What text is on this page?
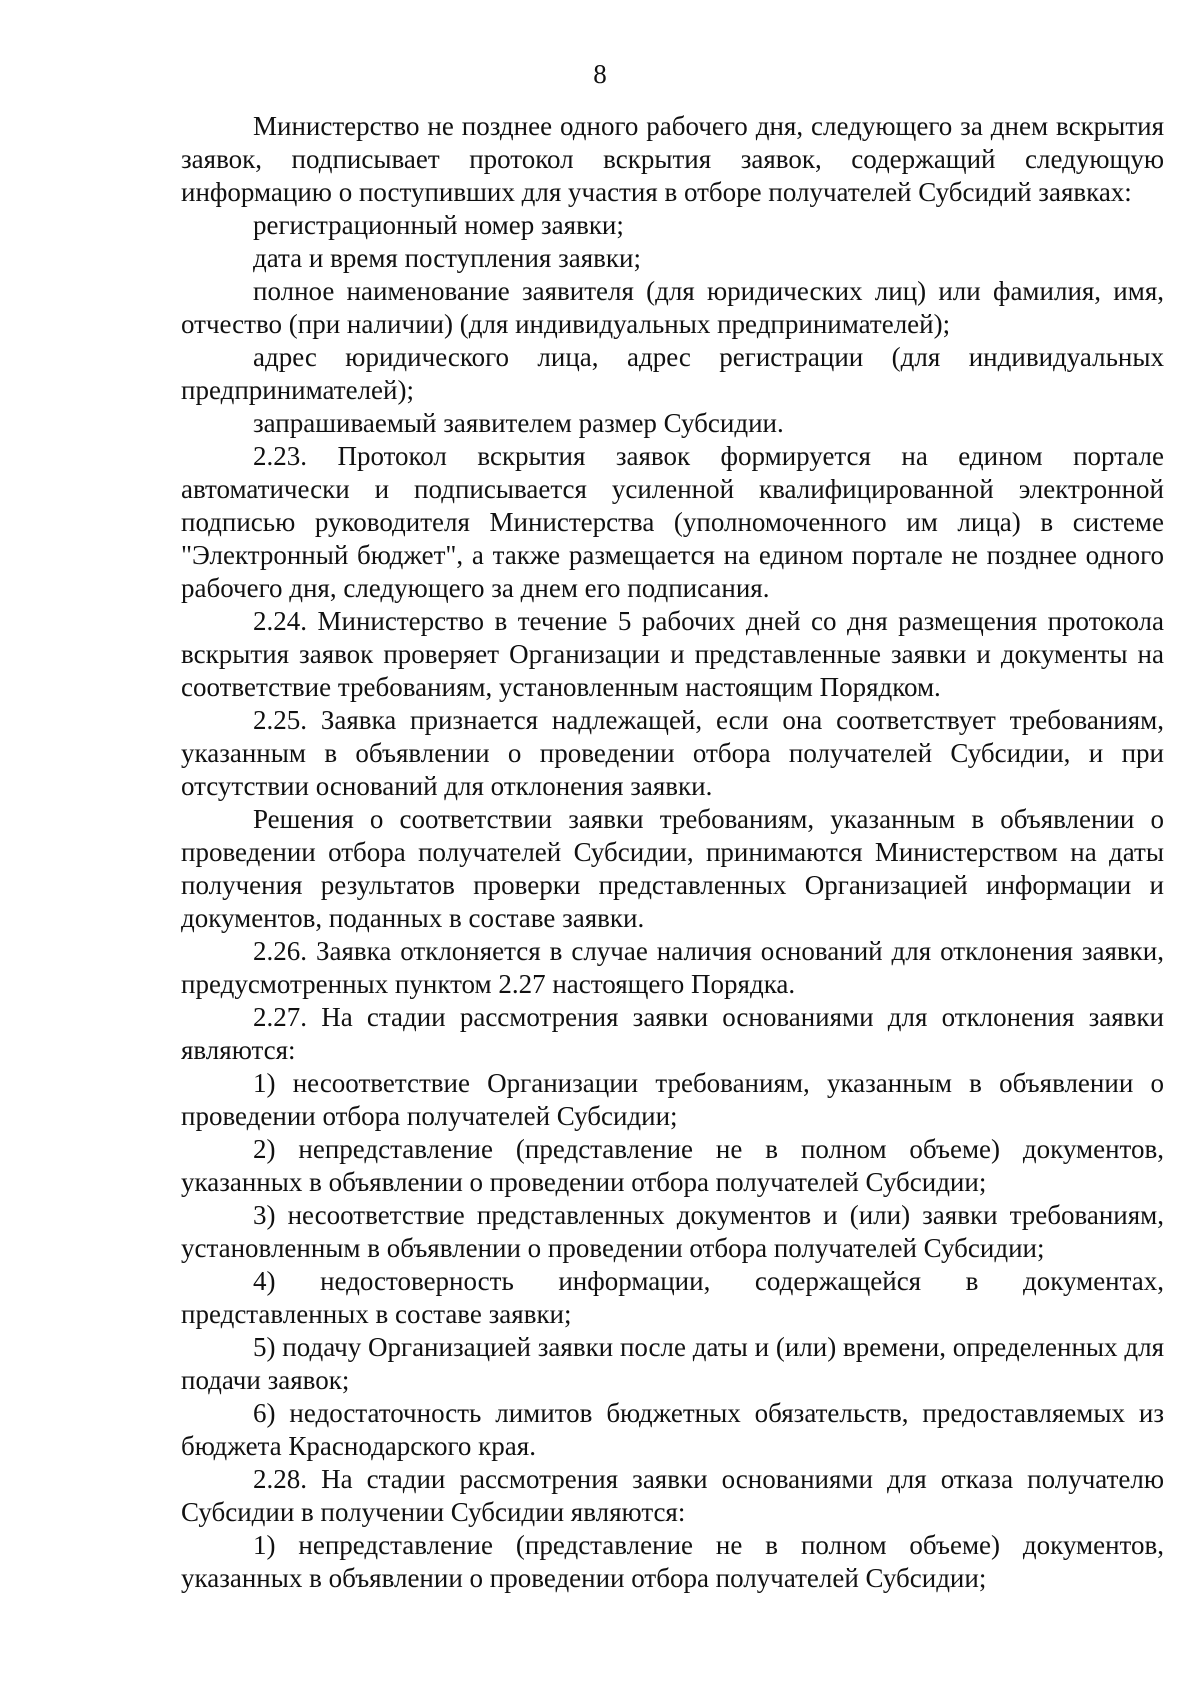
8

Министерство не позднее одного рабочего дня, следующего за днем вскрытия заявок, подписывает протокол вскрытия заявок, содержащий следующую информацию о поступивших для участия в отборе получателей Субсидий заявках:

регистрационный номер заявки;

дата и время поступления заявки;

полное наименование заявителя (для юридических лиц) или фамилия, имя, отчество (при наличии) (для индивидуальных предпринимателей);

адрес юридического лица, адрес регистрации (для индивидуальных предпринимателей);

запрашиваемый заявителем размер Субсидии.

2.23. Протокол вскрытия заявок формируется на едином портале автоматически и подписывается усиленной квалифицированной электронной подписью руководителя Министерства (уполномоченного им лица) в системе "Электронный бюджет", а также размещается на едином портале не позднее одного рабочего дня, следующего за днем его подписания.

2.24. Министерство в течение 5 рабочих дней со дня размещения протокола вскрытия заявок проверяет Организации и представленные заявки и документы на соответствие требованиям, установленным настоящим Порядком.

2.25. Заявка признается надлежащей, если она соответствует требованиям, указанным в объявлении о проведении отбора получателей Субсидии, и при отсутствии оснований для отклонения заявки.

Решения о соответствии заявки требованиям, указанным в объявлении о проведении отбора получателей Субсидии, принимаются Министерством на даты получения результатов проверки представленных Организацией информации и документов, поданных в составе заявки.

2.26. Заявка отклоняется в случае наличия оснований для отклонения заявки, предусмотренных пунктом 2.27 настоящего Порядка.

2.27. На стадии рассмотрения заявки основаниями для отклонения заявки являются:

1) несоответствие Организации требованиям, указанным в объявлении о проведении отбора получателей Субсидии;

2) непредставление (представление не в полном объеме) документов, указанных в объявлении о проведении отбора получателей Субсидии;

3) несоответствие представленных документов и (или) заявки требованиям, установленным в объявлении о проведении отбора получателей Субсидии;

4) недостоверность информации, содержащейся в документах, представленных в составе заявки;

5) подачу Организацией заявки после даты и (или) времени, определенных для подачи заявок;

6) недостаточность лимитов бюджетных обязательств, предоставляемых из бюджета Краснодарского края.

2.28. На стадии рассмотрения заявки основаниями для отказа получателю Субсидии в получении Субсидии являются:

1) непредставление (представление не в полном объеме) документов, указанных в объявлении о проведении отбора получателей Субсидии;
